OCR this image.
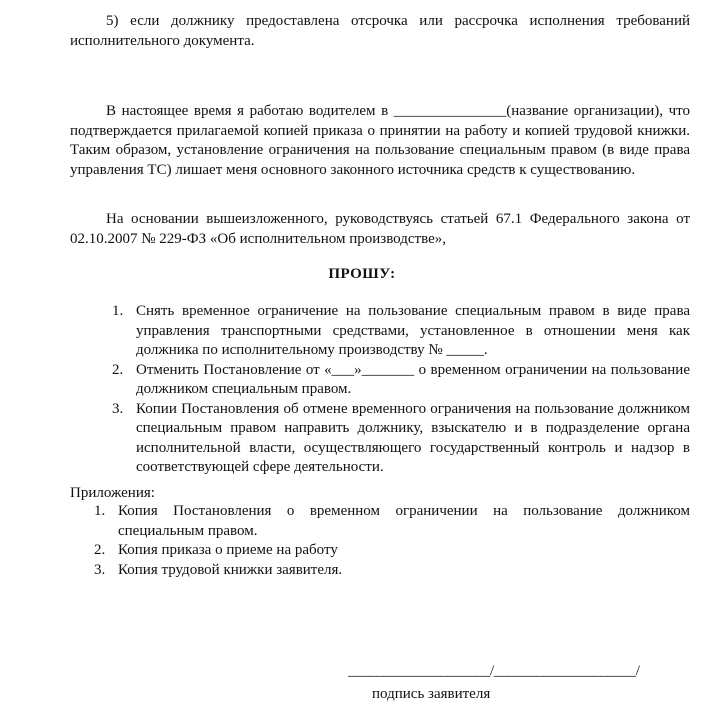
5) если должнику предоставлена отсрочка или рассрочка исполнения требований исполнительного документа.

В настоящее время я работаю водителем в _______________(название организации), что подтверждается прилагаемой копией приказа о принятии на работу и копией трудовой книжки. Таким образом, установление ограничения на пользование специальным правом (в виде права управления ТС) лишает меня основного законного источника средств к существованию.

На основании вышеизложенного, руководствуясь статьей 67.1 Федерального закона от 02.10.2007 № 229-ФЗ «Об исполнительном производстве»,

ПРОШУ:

1. Снять временное ограничение на пользование специальным правом в виде права управления транспортными средствами, установленное в отношении меня как должника по исполнительному производству № _____.
2. Отменить Постановление от «___»_______ о временном ограничении на пользование должником специальным правом.
3. Копии Постановления об отмене временного ограничения на пользование должником специальным правом направить должнику, взыскателю и в подразделение органа исполнительной власти, осуществляющего государственный контроль и надзор в соответствующей сфере деятельности.

Приложения:

1. Копия Постановления о временном ограничении на пользование должником специальным правом.
2. Копия приказа о приеме на работу
3. Копия трудовой книжки заявителя.
____________________/____________________/
подпись заявителя
